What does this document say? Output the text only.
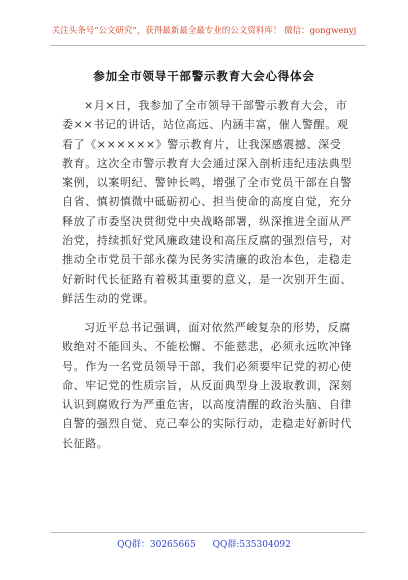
关注头条号“公文研究”，获得最新最全最专业的公文资料库！ 微信：gongwenyj
参加全市领导干部警示教育大会心得体会

×月×日，我参加了全市领导干部警示教育大会，市
委××书记的讲话，站位高远、内涵丰富，催人警醒。观
看了《××××××》警示教育片，让我深感震撼、深受
教育。这次全市警示教育大会通过深入剖析违纪违法典型
案例，以案明纪、警钟长鸣，增强了全市党员干部在自警
自省、慎初慎微中砥砺初心、担当使命的高度自觉，充分
释放了市委坚决贯彻党中央战略部署，纵深推进全面从严
治党，持续抓好党风廉政建设和高压反腐的强烈信号，对
推动全市党员干部永葆为民务实清廉的政治本色，走稳走
好新时代长征路有着极其重要的意义，是一次别开生面、
鲜活生动的党课。

习近平总书记强调，面对依然严峻复杂的形势，反腐
败绝对不能回头、不能松懈、不能慈悲，必须永远吹冲锋
号。作为一名党员领导干部，我们必须要牢记党的初心使
命、牢记党的性质宗旨，从反面典型身上汲取教训，深刻
认识到腐败行为严重危害，以高度清醒的政治头脑、自律
自警的强烈自觉、克己奉公的实际行动，走稳走好新时代
长征路。

QQ群：30265665 QQ群:535304092
